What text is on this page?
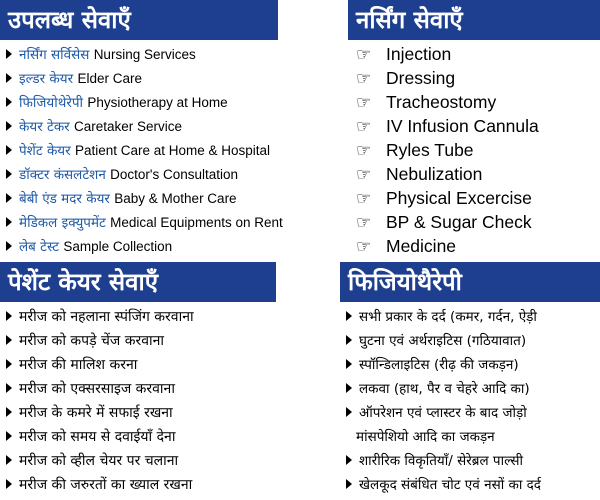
उपलब्ध सेवाएँ
नर्सिंग सर्विसेस Nursing Services
इल्डर केयर Elder Care
फिजियोथेरेपी Physiotherapy at Home
केयर टेकर Caretaker Service
पेशेंट केयर Patient Care at Home & Hospital
डॉक्टर कंसलटेशन Doctor's Consultation
बेबी एंड मदर केयर Baby & Mother Care
मेडिकल इक्युपमेंट Medical Equipments on Rent
लेब टेस्ट Sample Collection
नर्सिंग सेवाएँ
☞ Injection
☞ Dressing
☞ Tracheostomy
☞ IV Infusion Cannula
☞ Ryles Tube
☞ Nebulization
☞ Physical Excercise
☞ BP & Sugar Check
☞ Medicine
पेशेंट केयर सेवाएँ
मरीज को नहलाना स्पंजिंग करवाना
मरीज को कपड़े चेंज करवाना
मरीज की मालिश करना
मरीज को एक्सरसाइज करवाना
मरीज के कमरे में सफाई रखना
मरीज को समय से दवाईयाँ देना
मरीज को व्हील चेयर पर चलाना
मरीज की जरुरतों का ख्याल रखना
फिजियोथैरेपी
सभी प्रकार के दर्द (कमर, गर्दन, ऐड़ी
घुटना एवं अर्थराइटिस (गठियावात)
स्पॉन्डिलाइटिस (रीढ़ की जकड़न)
लकवा (हाथ, पैर व चेहरे आदि का)
ऑपरेशन एवं प्लास्टर के बाद जोड़ो
मांसपेशियो आदि का जकड़न
शारीरिक विकृतियाँ/ सेरेब्रल पाल्सी
खेलकूद संबंधित चोट एवं नसों का दर्द
